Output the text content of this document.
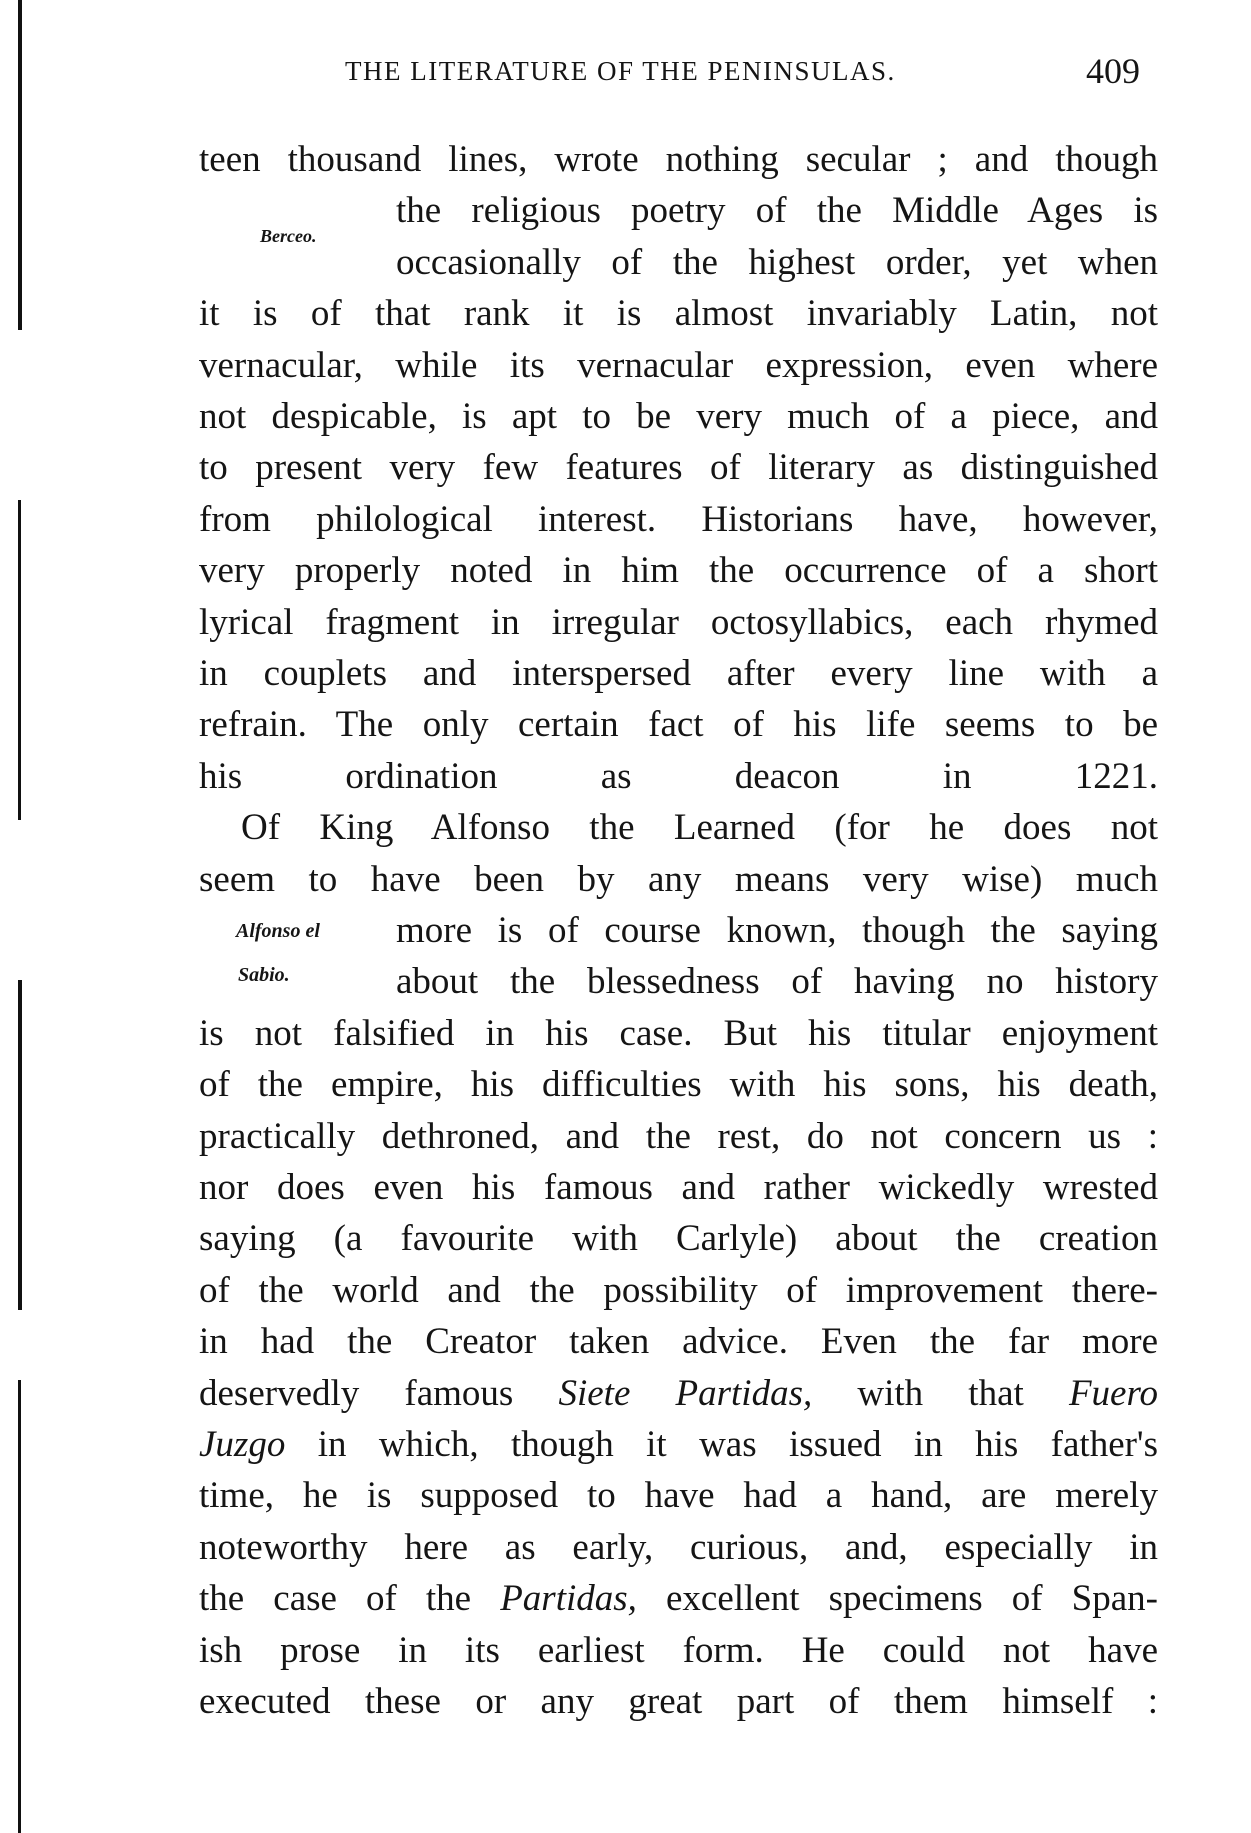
THE LITERATURE OF THE PENINSULAS.	409
Berceo.
Alfonso el
Sabio.
teen thousand lines, wrote nothing secular ; and though
the religious poetry of the Middle Ages is
occasionally of the highest order, yet when
it is of that rank it is almost invariably Latin, not
vernacular, while its vernacular expression, even where
not despicable, is apt to be very much of a piece, and
to present very few features of literary as distinguished
from philological interest. Historians have, however,
very properly noted in him the occurrence of a short
lyrical fragment in irregular octosyllabics, each rhymed
in couplets and interspersed after every line with a
refrain. The only certain fact of his life seems to be
his ordination as deacon in 1221.
Of King Alfonso the Learned (for he does not
seem to have been by any means very wise) much
more is of course known, though the saying
about the blessedness of having no history
is not falsified in his case. But his titular enjoyment
of the empire, his difficulties with his sons, his death,
practically dethroned, and the rest, do not concern us :
nor does even his famous and rather wickedly wrested
saying (a favourite with Carlyle) about the creation
of the world and the possibility of improvement there-
in had the Creator taken advice. Even the far more
deservedly famous Siete Partidas, with that Fuero
Juzgo in which, though it was issued in his father's
time, he is supposed to have had a hand, are merely
noteworthy here as early, curious, and, especially in
the case of the Partidas, excellent specimens of Span-
ish prose in its earliest form. He could not have
executed these or any great part of them himself :
